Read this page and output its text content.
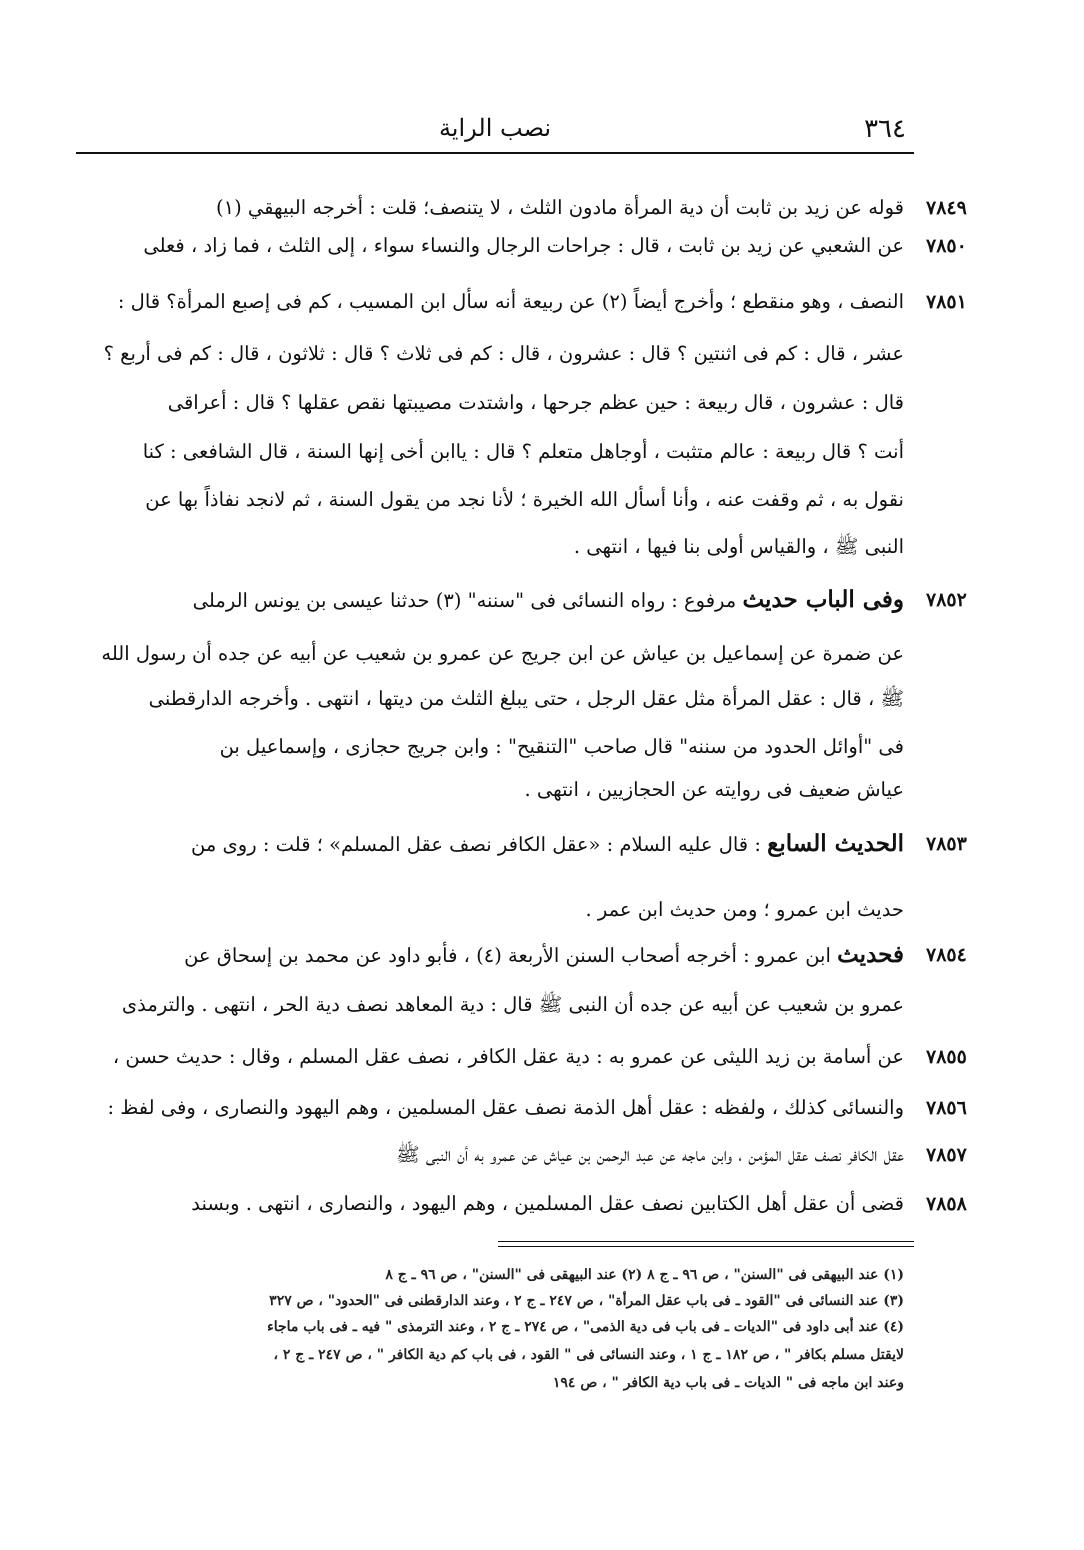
٣٦٤
نصب الراية
قوله عن زيد بن ثابت أن دية المرأة مادون الثلث ، لا يتنصف؛ قلت : أخرجه البيهقي (١) ٧٨٤٩
عن الشعبي عن زيد بن ثابت ، قال : جراحات الرجال والنساء سواء ، إلى الثلث ، فما زاد ، فعلى ٧٨٥٠
النصف ، وهو منقطع ؛ وأخرج أيضاً (٢) عن ربيعة أنه سأل ابن المسيب ، كم فى إصبع المرأة؟ قال : ٧٨٥١
عشر ، قال : كم فى اثنتين ؟ قال : عشرون ، قال : كم فى ثلاث ؟ قال : ثلاثون ، قال : كم فى أربع ؟
قال : عشرون ، قال ربيعة : حين عظم جرحها ، واشتدت مصيبتها نقص عقلها ؟ قال : أعراقى
أنت ؟ قال ربيعة : عالم متثبت ، أوجاهل متعلم ؟ قال : ياابن أخى إنها السنة ، قال الشافعى : كنا
نقول به ، ثم وقفت عنه ، وأنا أسأل الله الخيرة ؛ لأنا نجد من يقول السنة ، ثم لانجد نفاذاً بها عن
النبى ﷺ ، والقياس أولى بنا فيها ، انتهى .
وفى الباب حديث مرفوع : رواه النسائى فى "سننه" (٣) حدثنا عيسى بن يونس الرملى	٧٨٥٢
عن ضمرة عن إسماعيل بن عياش عن ابن جريج عن عمرو بن شعيب عن أبيه عن جده أن رسول الله
ﷺ ، قال : عقل المرأة مثل عقل الرجل ، حتى يبلغ الثلث من ديتها ، انتهى . وأخرجه الدارقطنى
فى "أوائل الحدود من سننه" قال صاحب "التنقيح" : وابن جريج حجازى ، وإسماعيل بن
عياش ضعيف فى روايته عن الحجازيين ، انتهى .
الحديث السابع : قال عليه السلام : «عقل الكافر نصف عقل المسلم» ؛ قلت : روى من	٧٨٥٣
حديث ابن عمرو ؛ ومن حديث ابن عمر .
فحديث ابن عمرو : أخرجه أصحاب السنن الأربعة (٤) ، فأبو داود عن محمد بن إسحاق عن	٧٨٥٤
عمرو بن شعيب عن أبيه عن جده أن النبى ﷺ قال : دية المعاهد نصف دية الحر ، انتهى . والترمذى
عن أسامة بن زيد الليثى عن عمرو به : دية عقل الكافر ، نصف عقل المسلم ، وقال : حديث حسن ، ٧٨٥٥
والنسائى كذلك ، ولفظه : عقل أهل الذمة نصف عقل المسلمين ، وهم اليهود والنصارى ، وفى لفظ : ٧٨٥٦
عقل الكافر نصف عقل المؤمن ، وابن ماجه عن عبد الرحمن بن عياش عن عمرو به أن النبى ﷺ ٧٨٥٧
قضى أن عقل أهل الكتابين نصف عقل المسلمين ، وهم اليهود ، والنصارى ، انتهى . وبسند ٧٨٥٨
(١) عند البيهقى فى "السنن" ، ص ٩٦ ـ ج ٨ (٢) عند البيهقى فى "السنن" ، ص ٩٦ ـ ج ٨
(٣) عند النسائى فى "القود ـ فى باب عقل المرأة" ، ص ٢٤٧ ـ ج ٢ ، وعند الدارقطنى فى "الحدود" ، ص ٣٢٧
(٤) عند أبى داود فى "الديات ـ فى باب فى دية الذمى" ، ص ٢٧٤ ـ ج ٢ ، وعند الترمذى " فيه ـ فى باب ماجاء
لايقتل مسلم بكافر " ، ص ١٨٢ ـ ج ١ ، وعند النسائى فى " القود ، فى باب كم دية الكافر " ، ص ٢٤٧ ـ ج ٢ ،
وعند ابن ماجه فى " الديات ـ فى باب دية الكافر " ، ص ١٩٤
